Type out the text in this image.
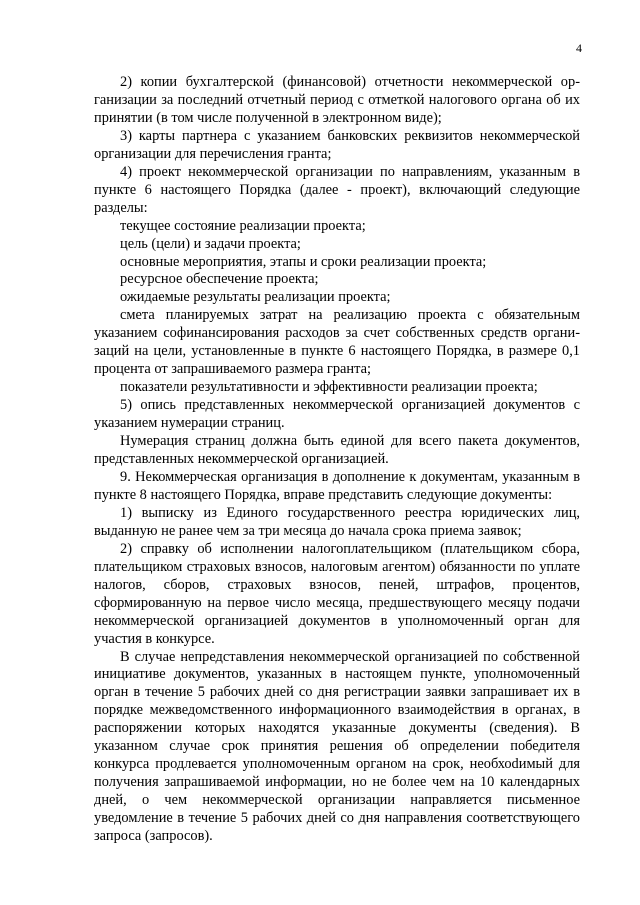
4

2) копии бухгалтерской (финансовой) отчетности некоммерческой организации за последний отчетный период с отметкой налогового органа об их принятии (в том числе полученной в электронном виде);

3) карты партнера с указанием банковских реквизитов некоммерческой организации для перечисления гранта;

4) проект некоммерческой организации по направлениям, указанным в пункте 6 настоящего Порядка (далее - проект), включающий следующие разделы:

текущее состояние реализации проекта;

цель (цели) и задачи проекта;

основные мероприятия, этапы и сроки реализации проекта;

ресурсное обеспечение проекта;

ожидаемые результаты реализации проекта;

смета планируемых затрат на реализацию проекта с обязательным указанием софинансирования расходов за счет собственных средств организаций на цели, установленные в пункте 6 настоящего Порядка, в размере 0,1 процента от запрашиваемого размера гранта;

показатели результативности и эффективности реализации проекта;

5) опись представленных некоммерческой организацией документов с указанием нумерации страниц.

Нумерация страниц должна быть единой для всего пакета документов, представленных некоммерческой организацией.

9. Некоммерческая организация в дополнение к документам, указанным в пункте 8 настоящего Порядка, вправе представить следующие документы:

1) выписку из Единого государственного реестра юридических лиц, выданную не ранее чем за три месяца до начала срока приема заявок;

2) справку об исполнении налогоплательщиком (плательщиком сбора, плательщиком страховых взносов, налоговым агентом) обязанности по уплате налогов, сборов, страховых взносов, пеней, штрафов, процентов, сформированную на первое число месяца, предшествующего месяцу подачи некоммерческой организацией документов в уполномоченный орган для участия в конкурсе.

В случае непредставления некоммерческой организацией по собственной инициативе документов, указанных в настоящем пункте, уполномоченный орган в течение 5 рабочих дней со дня регистрации заявки запрашивает их в порядке межведомственного информационного взаимодействия в органах, в распоряжении которых находятся указанные документы (сведения). В указанном случае срок принятия решения об определении победителя конкурса продлевается уполномоченным органом на срок, необхоdимый для получения запрашиваемой информации, но не более чем на 10 календарных дней, о чем некоммерческой организации направляется письменное уведомление в течение 5 рабочих дней со дня направления соответствующего запроса (запросов).
